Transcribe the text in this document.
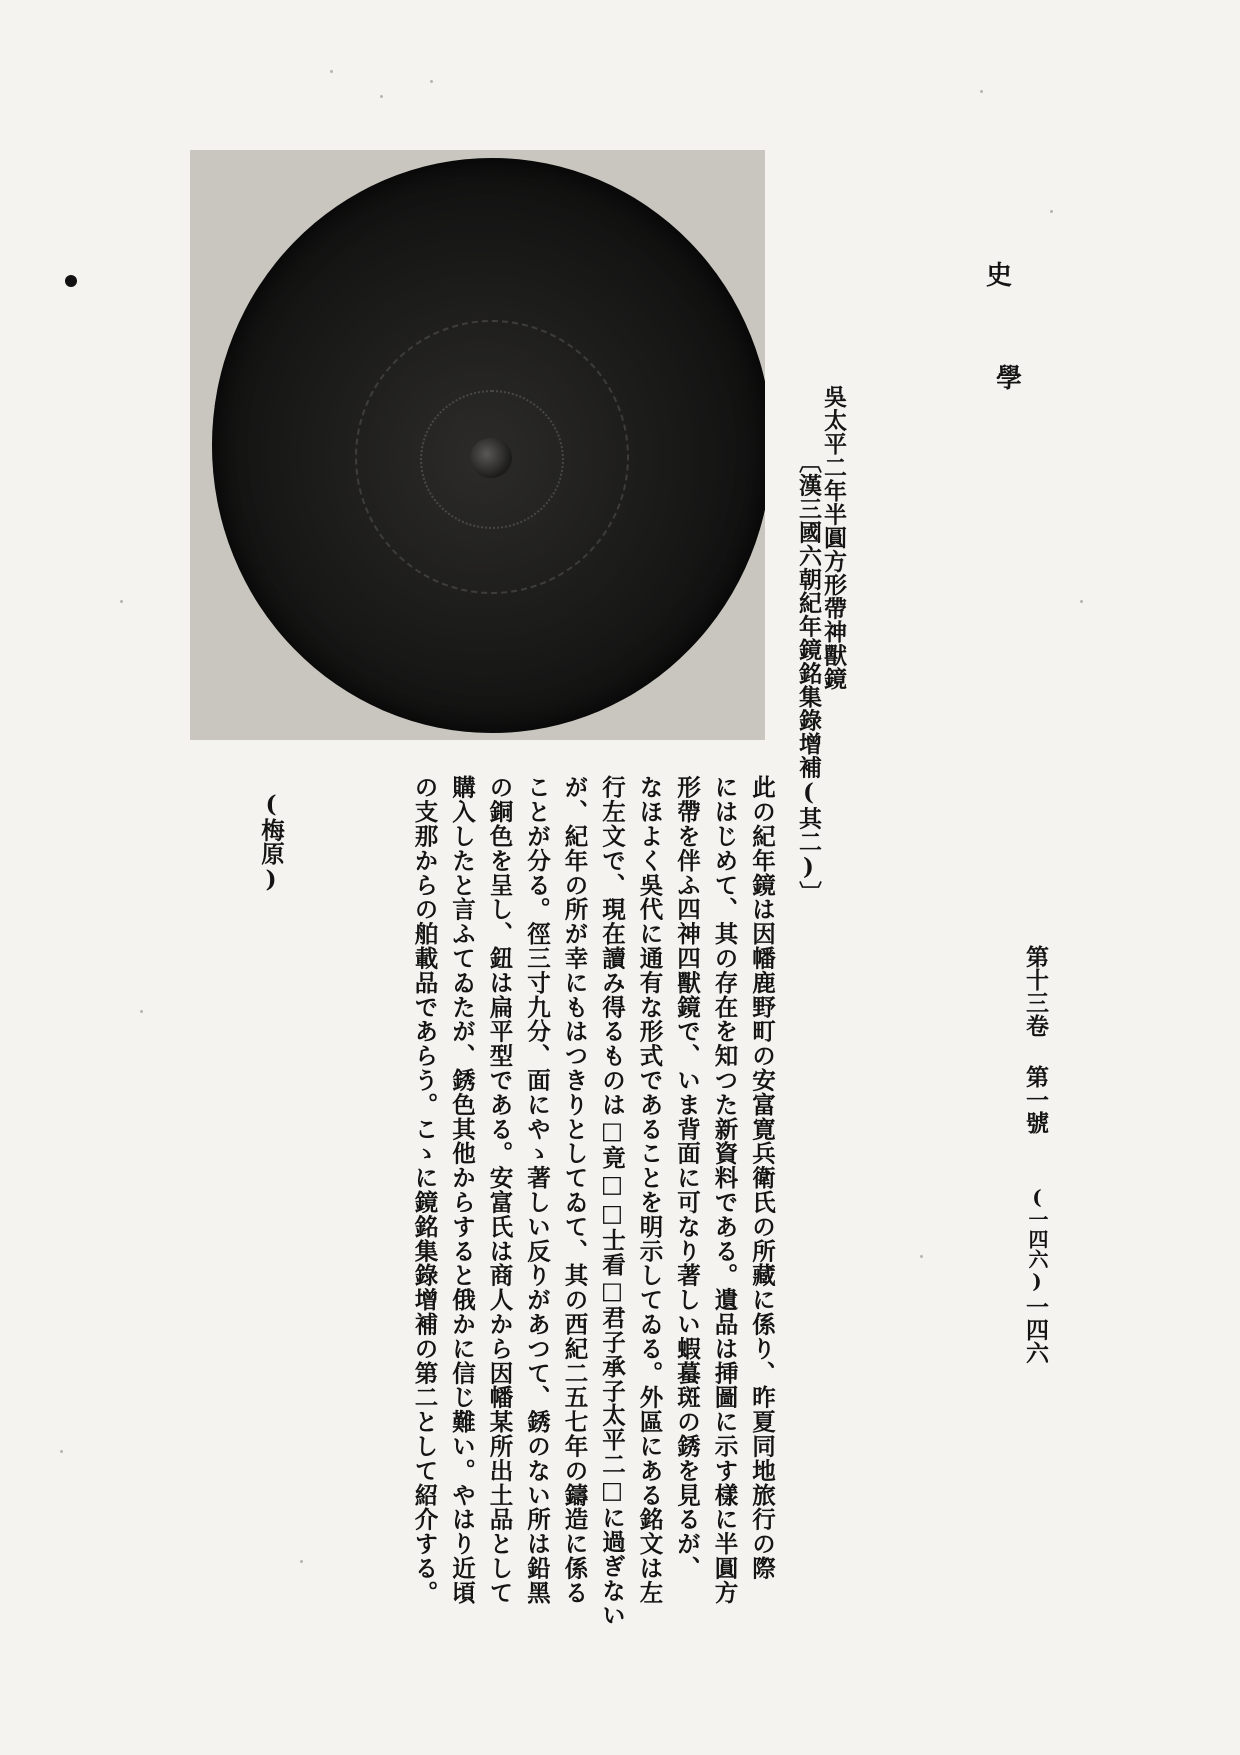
史
學
吳太平二年半圓方形帶神獸鏡
〔漢三國六朝紀年鏡銘集錄增補(其二)〕
此の紀年鏡は因幡鹿野町の安富寛兵衛氏の所藏に係り、昨夏同地旅行の際
にはじめて、其の存在を知つた新資料である。遺品は挿圖に示す樣に半圓方
形帶を伴ふ四神四獸鏡で、いま背面に可なり著しい蝦蟇斑の銹を見るが、
なほよく吳代に通有な形式であることを明示してゐる。外區にある銘文は左
行左文で、現在讀み得るものは□竟□□士看□君子承子太平二□に過ぎない
が、紀年の所が幸にもはつきりとしてゐて、其の西紀二五七年の鑄造に係る
ことが分る。徑三寸九分、面にやゝ著しい反りがあつて、銹のない所は鉛黑
の銅色を呈し、鈕は扁平型である。安富氏は商人から因幡某所出土品として
購入したと言ふてゐたが、銹色其他からすると俄かに信じ難い。やはり近頃
の支那からの舶載品であらう。こゝに鏡銘集錄增補の第二として紹介する。
(梅原)
第十三卷
第一號
(一四六)
一四六
